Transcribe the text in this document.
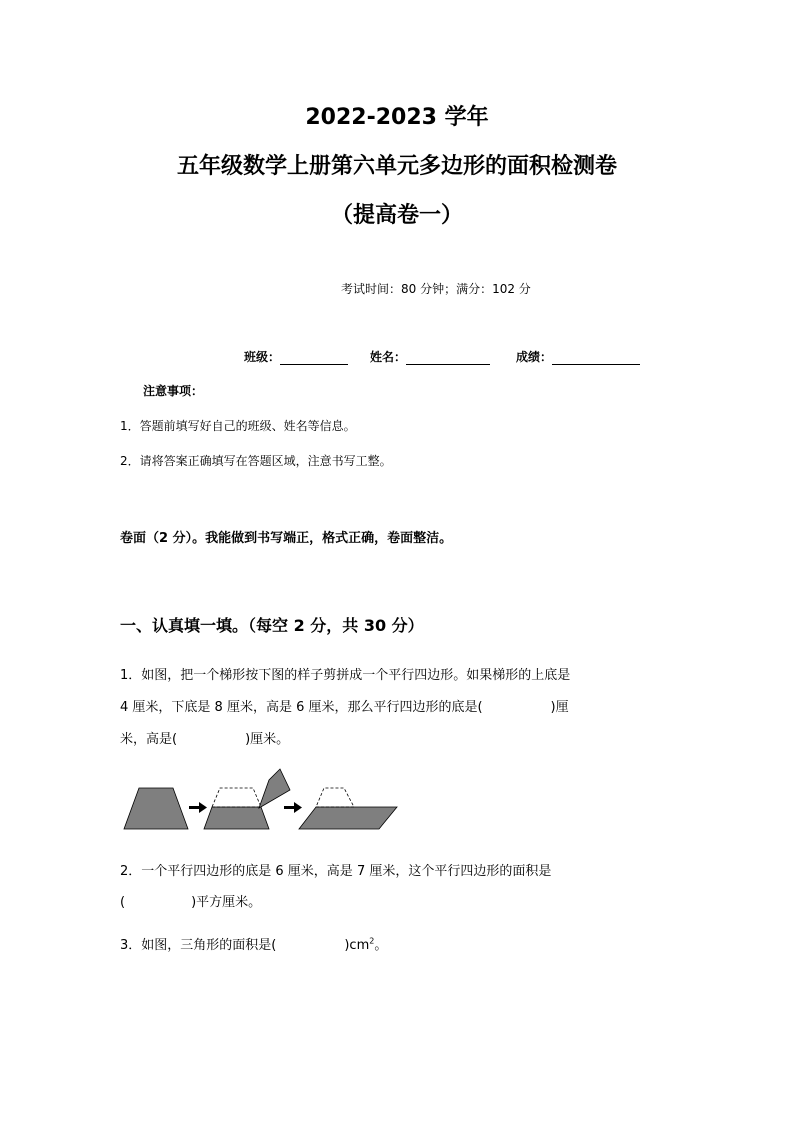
2022-2023 学年
五年级数学上册第六单元多边形的面积检测卷
（提高卷一）
考试时间：80 分钟；满分：102 分
班级：	姓名：	成绩：
注意事项：
1．答题前填写好自己的班级、姓名等信息。
2．请将答案正确填写在答题区域，注意书写工整。
卷面（2 分）。我能做到书写端正，格式正确，卷面整洁。
一、认真填一填。（每空 2 分，共 30 分）
1．如图，把一个梯形按下图的样子剪拼成一个平行四边形。如果梯形的上底是
4 厘米，下底是 8 厘米，高是 6 厘米，那么平行四边形的底是(	)厘
米，高是(	)厘米。
2．一个平行四边形的底是 6 厘米，高是 7 厘米，这个平行四边形的面积是
(	)平方厘米。
3．如图，三角形的面积是(	)$cm^2$。
